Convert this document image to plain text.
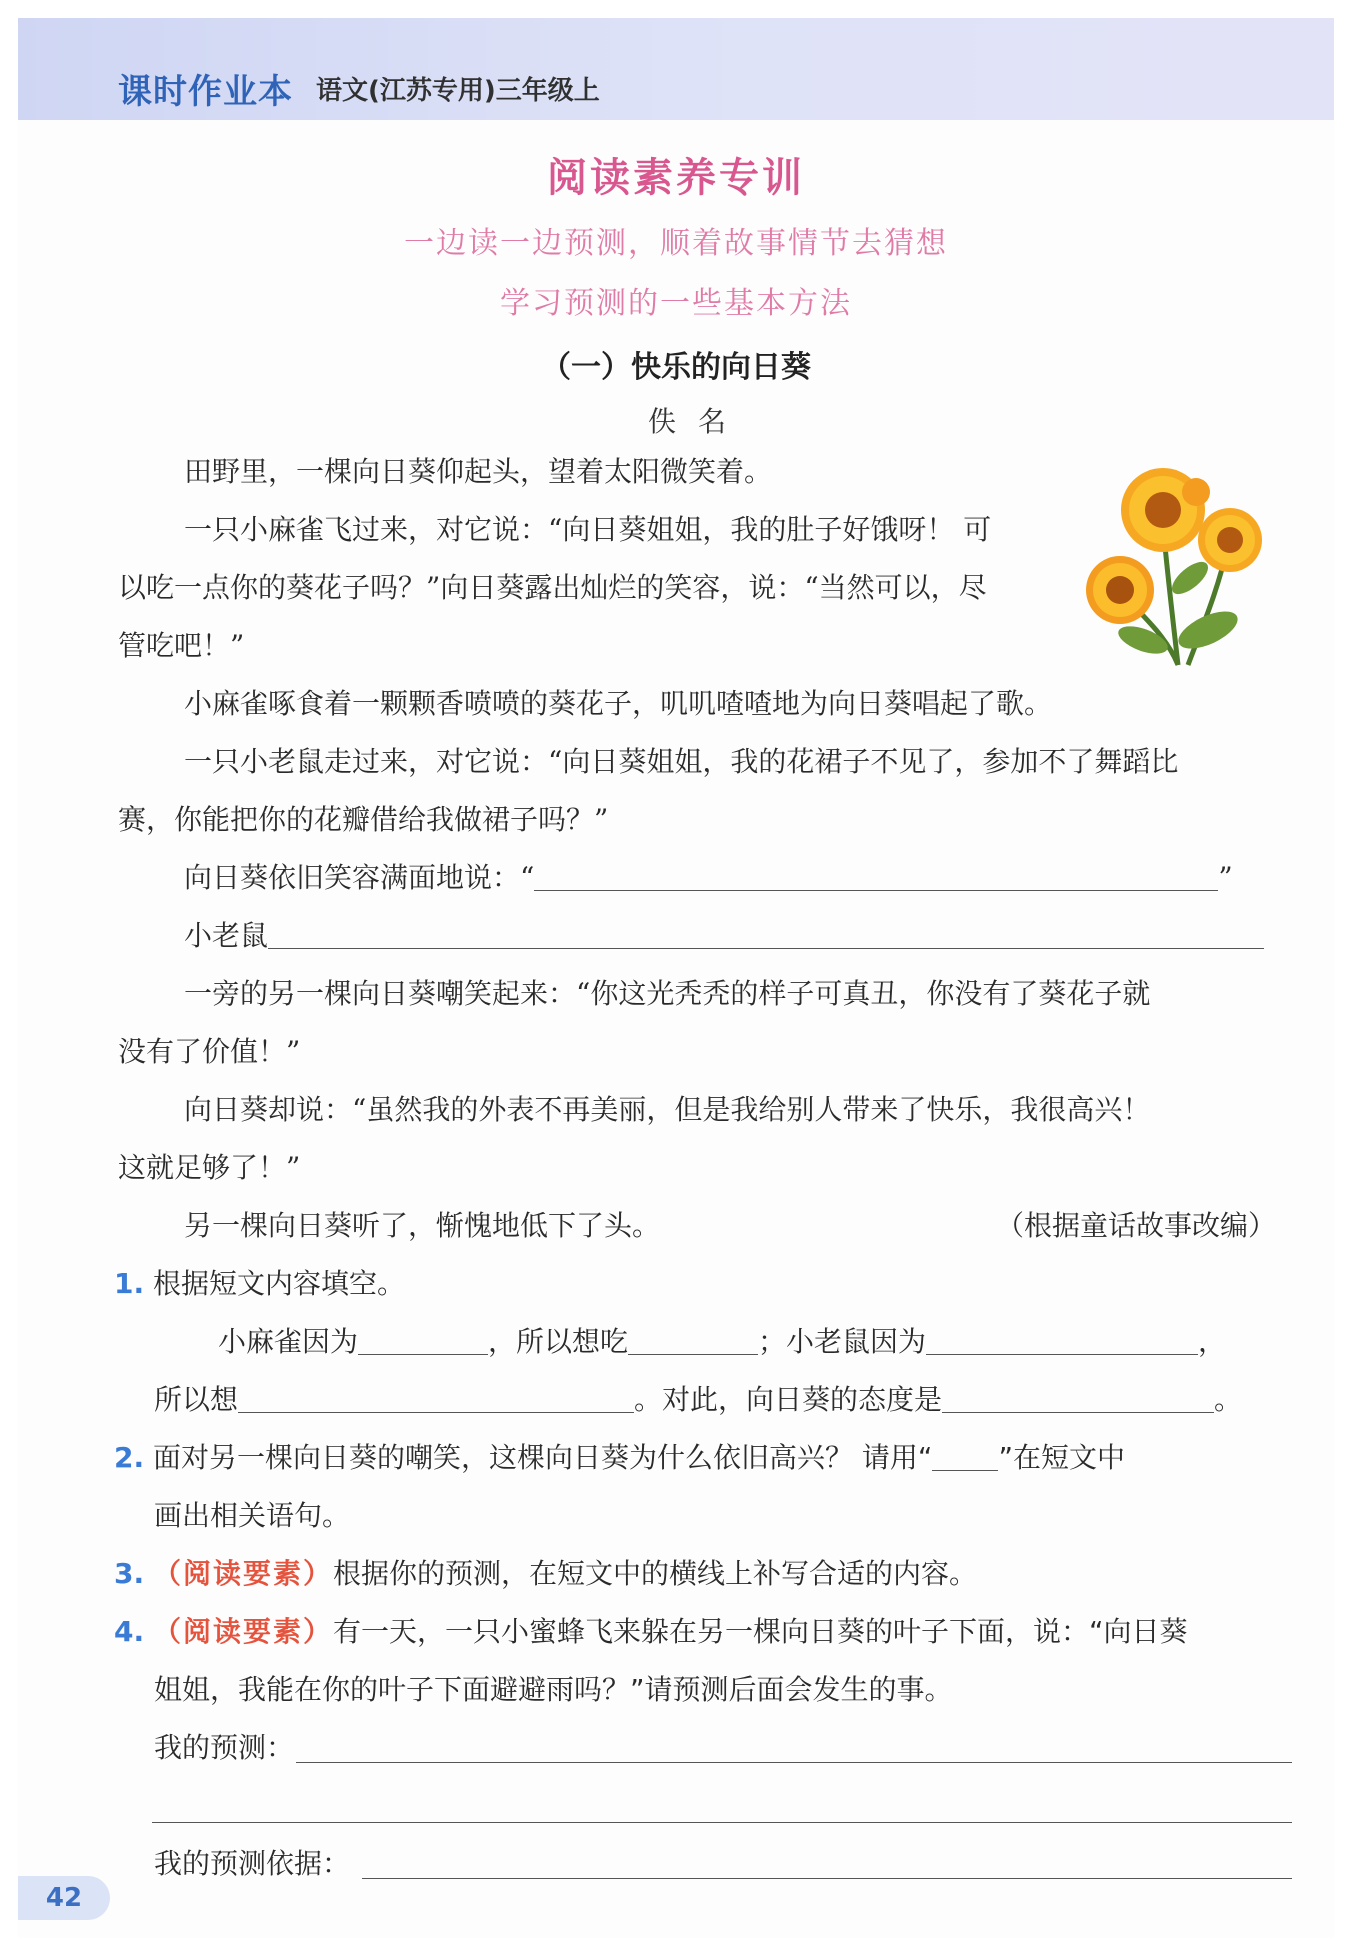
课时作业本 语文(江苏专用)三年级上
阅读素养专训
一边读一边预测，顺着故事情节去猜想
学习预测的一些基本方法
（一）快乐的向日葵
佚名
田野里，一棵向日葵仰起头，望着太阳微笑着。
一只小麻雀飞过来，对它说：“向日葵姐姐，我的肚子好饿呀！ 可
以吃一点你的葵花子吗？”向日葵露出灿烂的笑容，说：“当然可以，尽
管吃吧！”
小麻雀啄食着一颗颗香喷喷的葵花子，叽叽喳喳地为向日葵唱起了歌。
一只小老鼠走过来，对它说：“向日葵姐姐，我的花裙子不见了，参加不了舞蹈比
赛，你能把你的花瓣借给我做裙子吗？”
向日葵依旧笑容满面地说：“	”
小老鼠
一旁的另一棵向日葵嘲笑起来：“你这光秃秃的样子可真丑，你没有了葵花子就
没有了价值！”
向日葵却说：“虽然我的外表不再美丽，但是我给别人带来了快乐，我很高兴！
这就足够了！”
另一棵向日葵听了，惭愧地低下了头。	（根据童话故事改编）
1. 根据短文内容填空。
小麻雀因为	，所以想吃	；小老鼠因为	，
所以想	。对此，向日葵的态度是	。
2. 面对另一棵向日葵的嘲笑，这棵向日葵为什么依旧高兴？ 请用“ ”在短文中
画出相关语句。
3. （阅读要素）根据你的预测，在短文中的横线上补写合适的内容。
4. （阅读要素）有一天，一只小蜜蜂飞来躲在另一棵向日葵的叶子下面，说：“向日葵
姐姐，我能在你的叶子下面避避雨吗？”请预测后面会发生的事。
我的预测：
我的预测依据：
42
